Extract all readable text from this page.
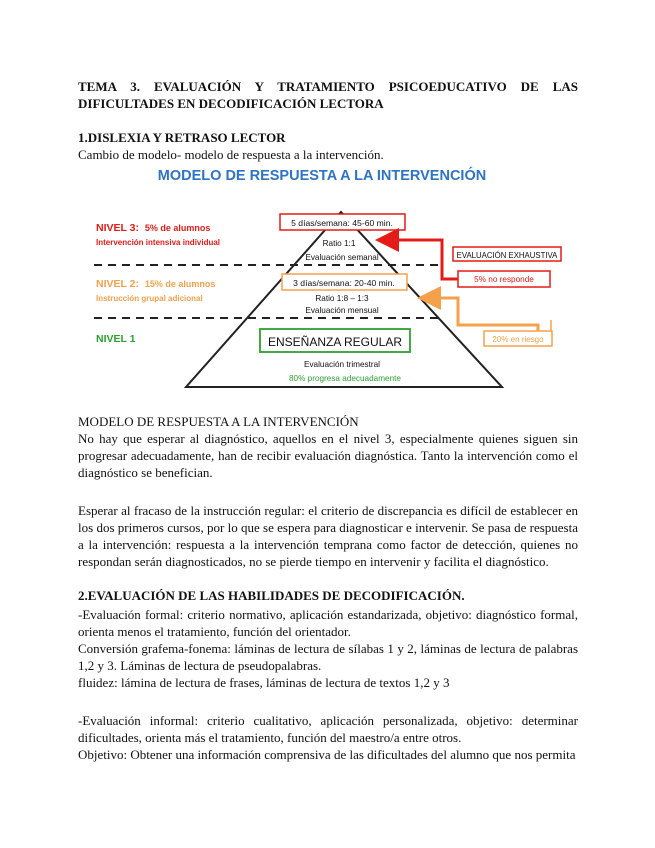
TEMA 3. EVALUACIÓN Y TRATAMIENTO PSICOEDUCATIVO DE LAS
DIFICULTADES EN DECODIFICACIÓN LECTORA
1.DISLEXIA Y RETRASO LECTOR
Cambio de modelo- modelo de respuesta a la intervención.
MODELO DE RESPUESTA A LA INTERVENCIÓN
NIVEL 3: 5% de alumnos
Intervención intensiva individual
NIVEL 2: 15% de alumnos
Instrucción grupal adicional
NIVEL 1
5 días/semana: 45-60 min.
Ratio 1:1
Evaluación semanal
3 días/semana: 20-40 min.
Ratio 1:8 – 1:3
Evaluación mensual
ENSEÑANZA REGULAR
Evaluación trimestral
80% progresa adecuadamente
EVALUACIÓN EXHAUSTIVA
5% no responde
20% en riesgo
MODELO DE RESPUESTA A LA INTERVENCIÓN
No hay que esperar al diagnóstico, aquellos en el nivel 3, especialmente quienes siguen sin
progresar adecuadamente, han de recibir evaluación diagnóstica. Tanto la intervención como el
diagnóstico se benefician.
Esperar al fracaso de la instrucción regular: el criterio de discrepancia es difícil de establecer en
los dos primeros cursos, por lo que se espera para diagnosticar e intervenir. Se pasa de respuesta
a la intervención: respuesta a la intervención temprana como factor de detección, quienes no
respondan serán diagnosticados, no se pierde tiempo en intervenir y facilita el diagnóstico.
2.EVALUACIÓN DE LAS HABILIDADES DE DECODIFICACIÓN.
-Evaluación formal: criterio normativo, aplicación estandarizada, objetivo: diagnóstico formal,
orienta menos el tratamiento, función del orientador.
Conversión grafema-fonema: láminas de lectura de sílabas 1 y 2, láminas de lectura de palabras
1,2 y 3. Láminas de lectura de pseudopalabras.
fluidez: lámina de lectura de frases, láminas de lectura de textos 1,2 y 3
-Evaluación informal: criterio cualitativo, aplicación personalizada, objetivo: determinar
dificultades, orienta más el tratamiento, función del maestro/a entre otros.
Objetivo: Obtener una información comprensiva de las dificultades del alumno que nos permita
